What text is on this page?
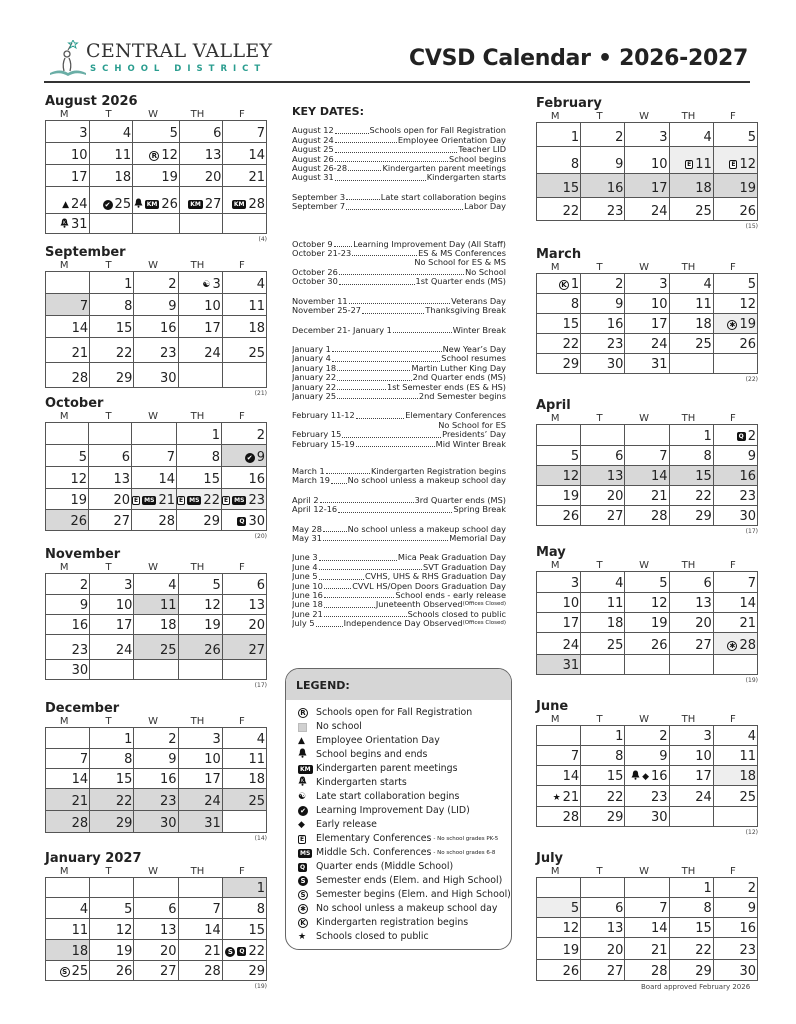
CENTRAL VALLEY
SCHOOL DISTRICT	CVSD Calendar • 2026-2027
August 2026
M	T	W	TH	F
3	4	5	6	7
10	11	R 12	13	14
17	18	19	20	21
▲ 24	✔ 25	KM 26	KM 27	KM 28

K 31				
(4)
September
M	T	W	TH	F
	1	2	☯ 3	4
7	8	9	10	11
14	15	16	17	18
21	22	23	24	25
28	29	30		
(21)
October
M	T	W	TH	F
			1	2
5	6	7	8	✔ 9
12	13	14	15	16
19	20	E MS 21	E MS 22	E MS 23
26	27	28	29	Q 30
(20)
November
M	T	W	TH	F
2	3	4	5	6
9	10	11	12	13
16	17	18	19	20
23	24	25	26	27
30				
(17)
December
M	T	W	TH	F
	1	2	3	4
7	8	9	10	11
14	15	16	17	18
21	22	23	24	25
28	29	30	31	
(14)
January 2027
M	T	W	TH	F
				1
4	5	6	7	8
11	12	13	14	15
18	19	20	21	S Q 22
S 25	26	27	28	29
(19)
February
M	T	W	TH	F
1	2	3	4	5
8	9	10	E 11	E 12
15	16	17	18	19
22	23	24	25	26
(15)
March
M	T	W	TH	F
K 1	2	3	4	5
8	9	10	11	12
15	16	17	18	✱ 19
22	23	24	25	26
29	30	31		
(22)
April
M	T	W	TH	F
			1	Q 2
5	6	7	8	9
12	13	14	15	16
19	20	21	22	23
26	27	28	29	30
(17)
May
M	T	W	TH	F
3	4	5	6	7
10	11	12	13	14
17	18	19	20	21
24	25	26	27	✱ 28
31				
(19)
June
M	T	W	TH	F
	1	2	3	4
7	8	9	10	11
14	15	◆ 16	17	18
★ 21	22	23	24	25
28	29	30		
(12)
July
M	T	W	TH	F
			1	2
5	6	7	8	9
12	13	14	15	16
19	20	21	22	23
26	27	28	29	30
KEY DATES:
August 12	Schools open for Fall Registration
August 24	Employee Orientation Day
August 25	Teacher LID
August 26	School begins
August 26-28	Kindergarten parent meetings
August 31	Kindergarten starts
September 3	Late start collaboration begins
September 7	Labor Day
October 9	Learning Improvement Day (All Staff)
October 21-23	ES & MS Conferences
No School for ES & MS
October 26	No School
October 30	1st Quarter ends (MS)
November 11	Veterans Day
November 25-27	Thanksgiving Break
December 21- January 1	Winter Break
January 1	New Year’s Day
January 4	School resumes
January 18	Martin Luther King Day
January 22	2nd Quarter ends (MS)
January 22	1st Semester ends (ES & HS)
January 25	2nd Semester begins
February 11-12	Elementary Conferences
No School for ES
February 15	Presidents’ Day
February 15-19	Mid Winter Break
March 1	Kindergarten Registration begins
March 19 No school unless a makeup school day
April 2	3rd Quarter ends (MS)
April 12-16	Spring Break
May 28	No school unless a makeup school day
May 31	Memorial Day
June 3	Mica Peak Graduation Day
June 4	SVT Graduation Day
June 5	CVHS, UHS & RHS Graduation Day
June 10	CVVL HS/Open Doors Graduation Day
June 16	School ends - early release
June 18	Juneteenth Observed (Offices Closed)
June 21	Schools closed to public
July 5	Independence Day Observed (Offices Closed)
LEGEND:
R Schools open for Fall Registration
No school
▲ Employee Orientation Day
School begins and ends
KM Kindergarten parent meetings
K Kindergarten starts
☯ Late start collaboration begins
✔ Learning Improvement Day (LID)
◆ Early release
E Elementary Conferences - No school grades PK-5
MS Middle Sch. Conferences - No school grades 6-8
Q Quarter ends (Middle School)
S Semester ends (Elem. and High School)
S Semester begins (Elem. and High School)
✱ No school unless a makeup school day
K Kindergarten registration begins
★ Schools closed to public
Board approved February 2026
